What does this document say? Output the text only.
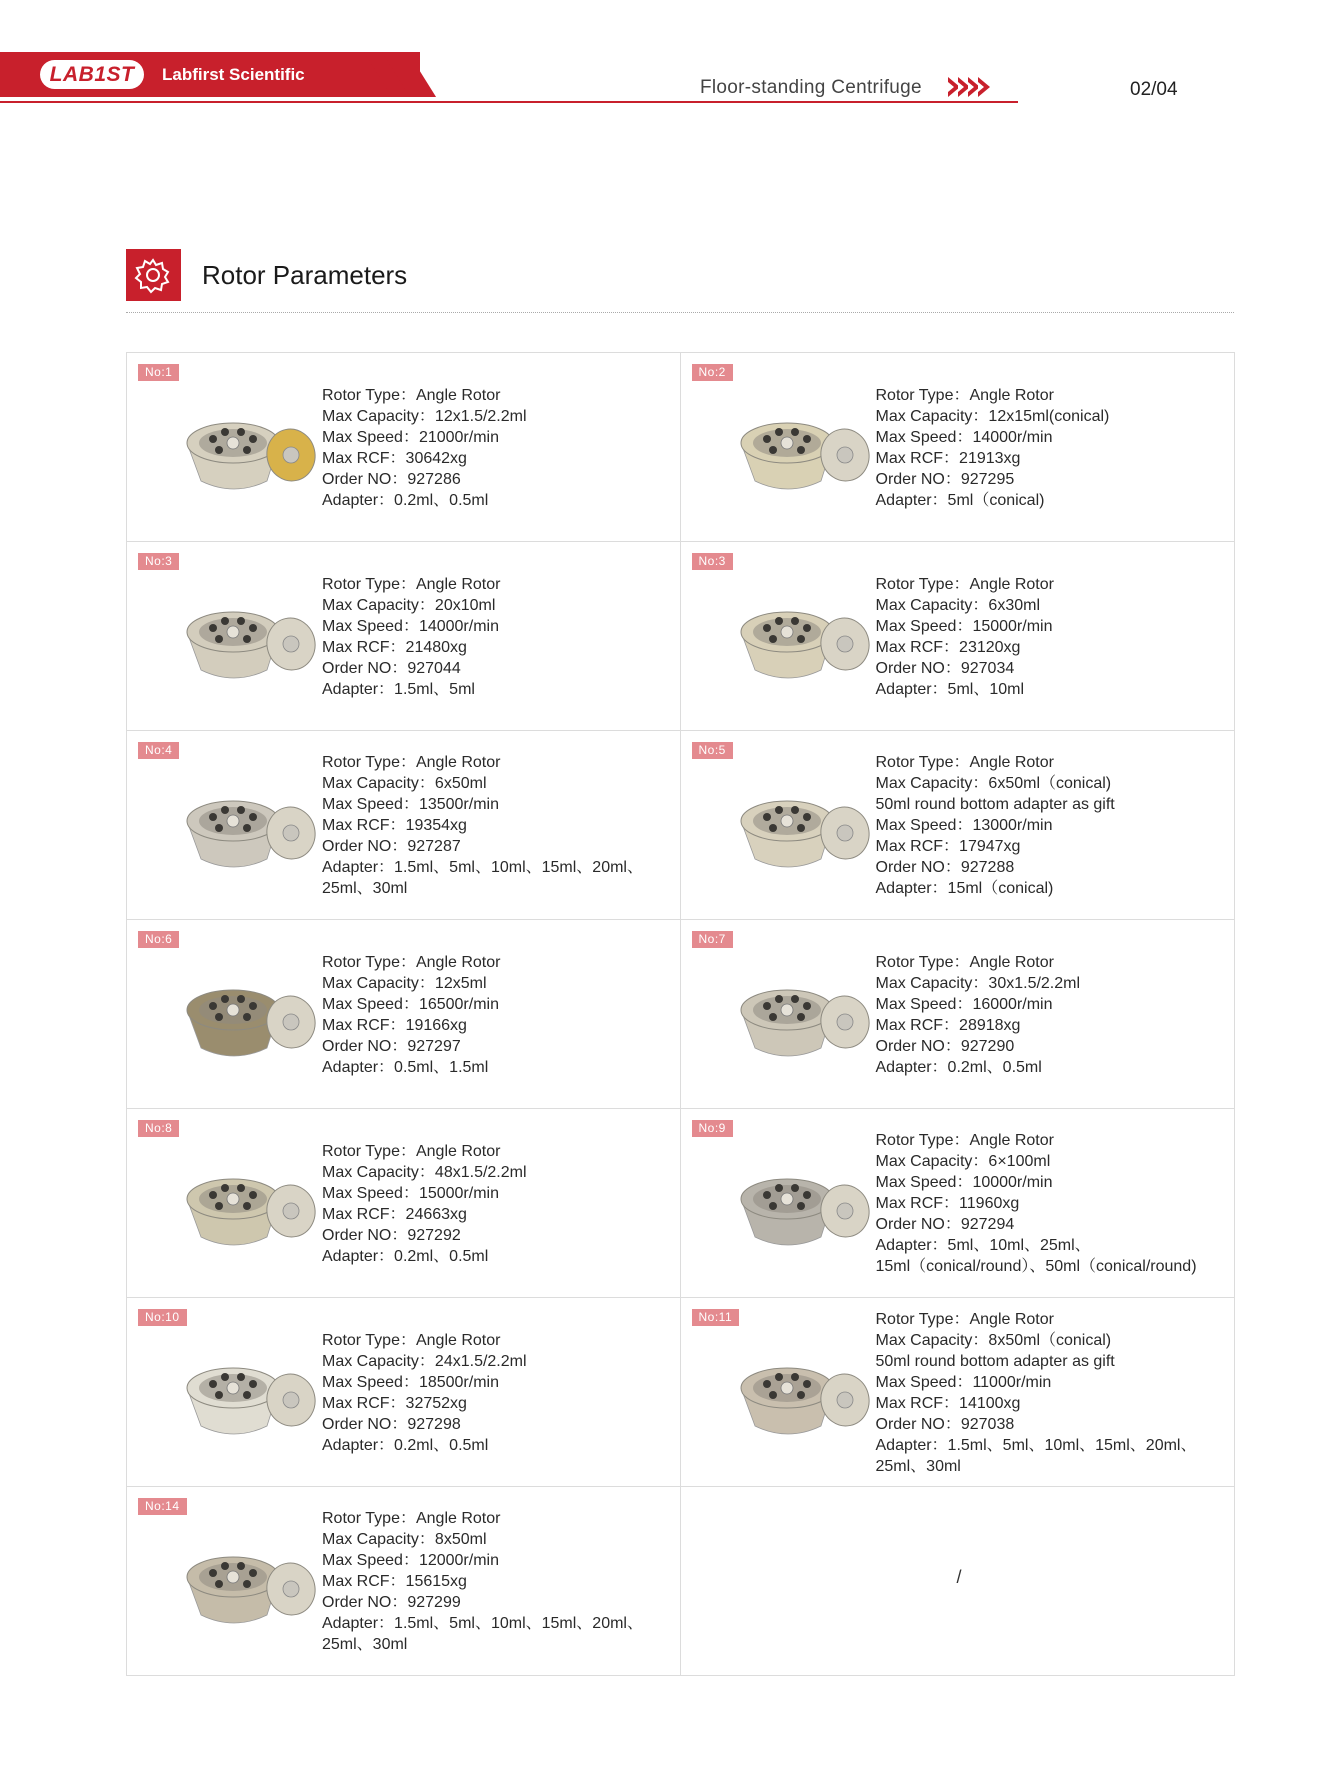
LAB1ST	Labfirst Scientific
Floor-standing Centrifuge	02/04
Rotor Parameters
No:1
Rotor Type：Angle Rotor
Max Capacity：12x1.5/2.2ml
Max Speed：21000r/min
Max RCF：30642xg
Order NO：927286
Adapter：0.2ml、0.5ml
No:2
Rotor Type：Angle Rotor
Max Capacity：12x15ml(conical)
Max Speed：14000r/min
Max RCF：21913xg
Order NO：927295
Adapter：5ml（conical)
No:3
Rotor Type：Angle Rotor
Max Capacity：20x10ml
Max Speed：14000r/min
Max RCF：21480xg
Order NO：927044
Adapter：1.5ml、5ml
No:3
Rotor Type：Angle Rotor
Max Capacity：6x30ml
Max Speed：15000r/min
Max RCF：23120xg
Order NO：927034
Adapter：5ml、10ml
No:4
Rotor Type：Angle Rotor
Max Capacity：6x50ml
Max Speed：13500r/min
Max RCF：19354xg
Order NO：927287
Adapter：1.5ml、5ml、10ml、15ml、20ml、
25ml、30ml
No:5
Rotor Type：Angle Rotor
Max Capacity：6x50ml（conical)
50ml round bottom adapter as gift
Max Speed：13000r/min
Max RCF：17947xg
Order NO：927288
Adapter：15ml（conical)
No:6
Rotor Type：Angle Rotor
Max Capacity：12x5ml
Max Speed：16500r/min
Max RCF：19166xg
Order NO：927297
Adapter：0.5ml、1.5ml
No:7
Rotor Type：Angle Rotor
Max Capacity：30x1.5/2.2ml
Max Speed：16000r/min
Max RCF：28918xg
Order NO：927290
Adapter：0.2ml、0.5ml
No:8
Rotor Type：Angle Rotor
Max Capacity：48x1.5/2.2ml
Max Speed：15000r/min
Max RCF：24663xg
Order NO：927292
Adapter：0.2ml、0.5ml
No:9
Rotor Type：Angle Rotor
Max Capacity：6×100ml
Max Speed：10000r/min
Max RCF：11960xg
Order NO：927294
Adapter：5ml、10ml、25ml、
15ml（conical/round）、50ml（conical/round)
No:10
Rotor Type：Angle Rotor
Max Capacity：24x1.5/2.2ml
Max Speed：18500r/min
Max RCF：32752xg
Order NO：927298
Adapter：0.2ml、0.5ml
No:11	Rotor Type：Angle Rotor
Max Capacity：8x50ml（conical)
50ml round bottom adapter as gift
Max Speed：11000r/min
Max RCF：14100xg
Order NO：927038
Adapter：1.5ml、5ml、10ml、15ml、20ml、
25ml、30ml
No:14
Rotor Type：Angle Rotor
Max Capacity：8x50ml
Max Speed：12000r/min
Max RCF：15615xg
Order NO：927299
Adapter：1.5ml、5ml、10ml、15ml、20ml、
25ml、30ml
/
